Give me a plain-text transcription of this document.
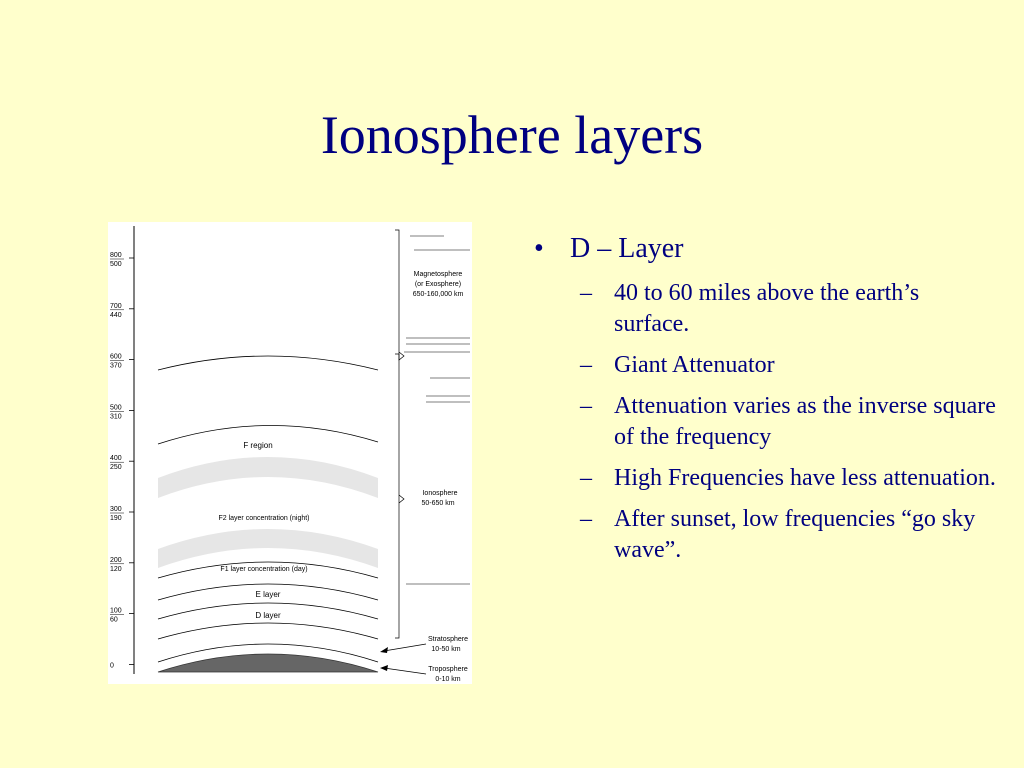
Ionosphere layers
800
500
700
440
600
370
500
310
400
250
300
190
200
120
100
60
0
F region
F2 layer concentration (night)
F1 layer concentration (day)
E layer
D layer
Magnetosphere
(or Exosphere)
650-160,000 km
Ionosphere
50-650 km
Stratosphere
10-50 km
Troposphere
0-10 km
• D – Layer
– 40 to 60 miles above the earth’s surface.
– Giant Attenuator
– Attenuation varies as the inverse square of the frequency
– High Frequencies have less attenuation.
– After sunset, low frequencies “go sky wave”.
